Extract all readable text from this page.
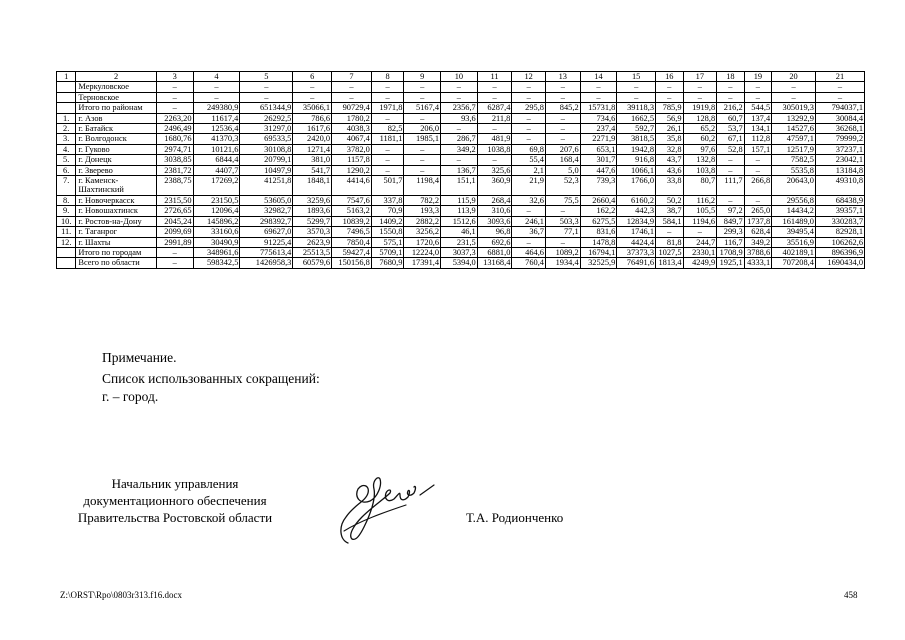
1	2	3	4	5	6	7	8	9	10	11	12	13	14	15	16	17	18	19	20	21
	Меркуловское	–	–	–	–	–	–	–	–	–	–	–	–	–	–	–	–	–	–	–
	Терновское	–	–	–	–	–	–	–	–	–	–	–	–	–	–	–	–	–	–	–
	Итого по районам	–	249380,9	651344,9	35066,1	90729,4	1971,8	5167,4	2356,7	6287,4	295,8	845,2	15731,8	39118,3	785,9	1919,8	216,2	544,5	305019,3	794037,1
1.	г. Азов	2263,20	11617,4	26292,5	786,6	1780,2	–	–	93,6	211,8	–	–	734,6	1662,5	56,9	128,8	60,7	137,4	13292,9	30084,4
2.	г. Батайск	2496,49	12536,4	31297,0	1617,6	4038,3	82,5	206,0	–	–	–	–	237,4	592,7	26,1	65,2	53,7	134,1	14527,6	36268,1
3.	г. Волгодонск	1680,76	41370,3	69533,5	2420,0	4067,4	1181,1	1985,1	286,7	481,9	–	–	2271,9	3818,5	35,8	60,2	67,1	112,8	47597,1	79999,2
4.	г. Гуково	2974,71	10121,6	30108,8	1271,4	3782,0	–	–	349,2	1038,8	69,8	207,6	653,1	1942,8	32,8	97,6	52,8	157,1	12517,9	37237,1
5.	г. Донецк	3038,85	6844,4	20799,1	381,0	1157,8	–	–	–	–	55,4	168,4	301,7	916,8	43,7	132,8	–	–	7582,5	23042,1
6.	г. Зверево	2381,72	4407,7	10497,9	541,7	1290,2	–	–	136,7	325,6	2,1	5,0	447,6	1066,1	43,6	103,8	–	–	5535,8	13184,8
7.	г. Каменск-Шахтинский	2388,75	17269,2	41251,8	1848,1	4414,6	501,7	1198,4	151,1	360,9	21,9	52,3	739,3	1766,0	33,8	80,7	111,7	266,8	20643,0	49310,8
8.	г. Новочеркасск	2315,50	23150,5	53605,0	3259,6	7547,6	337,8	782,2	115,9	268,4	32,6	75,5	2660,4	6160,2	50,2	116,2	–	–	29556,8	68438,9
9.	г. Новошахтинск	2726,65	12096,4	32982,7	1893,6	5163,2	70,9	193,3	113,9	310,6	–	–	162,2	442,3	38,7	105,5	97,2	265,0	14434,2	39357,1
10.	г. Ростов-на-Дону	2045,24	145896,2	298392,7	5299,7	10839,2	1409,2	2882,2	1512,6	3093,6	246,1	503,3	6275,5	12834,9	584,1	1194,6	849,7	1737,8	161489,0	330283,7
11.	г. Таганрог	2099,69	33160,6	69627,0	3570,3	7496,5	1550,8	3256,2	46,1	96,8	36,7	77,1	831,6	1746,1	–	–	299,3	628,4	39495,4	82928,1
12.	г. Шахты	2991,89	30490,9	91225,4	2623,9	7850,4	575,1	1720,6	231,5	692,6	–	–	1478,8	4424,4	81,8	244,7	116,7	349,2	35516,9	106262,6
	Итого по городам	–	348961,6	775613,4	25513,5	59427,4	5709,1	12224,0	3037,3	6881,0	464,6	1089,2	16794,1	37373,3	1027,5	2330,1	1708,9	3788,6	402189,1	896396,9
	Всего по области	–	598342,5	1426958,3	60579,6	150156,8	7680,9	17391,4	5394,0	13168,4	760,4	1934,4	32525,9	76491,6	1813,4	4249,9	1925,1	4333,1	707208,4	1690434,0
Примечание.
Список использованных сокращений:
г. – город.
Начальник управления
документационного обеспечения
Правительства Ростовской области	Т.А. Родионченко
Z:\ORST\Rpo\0803r313.f16.docx	458
